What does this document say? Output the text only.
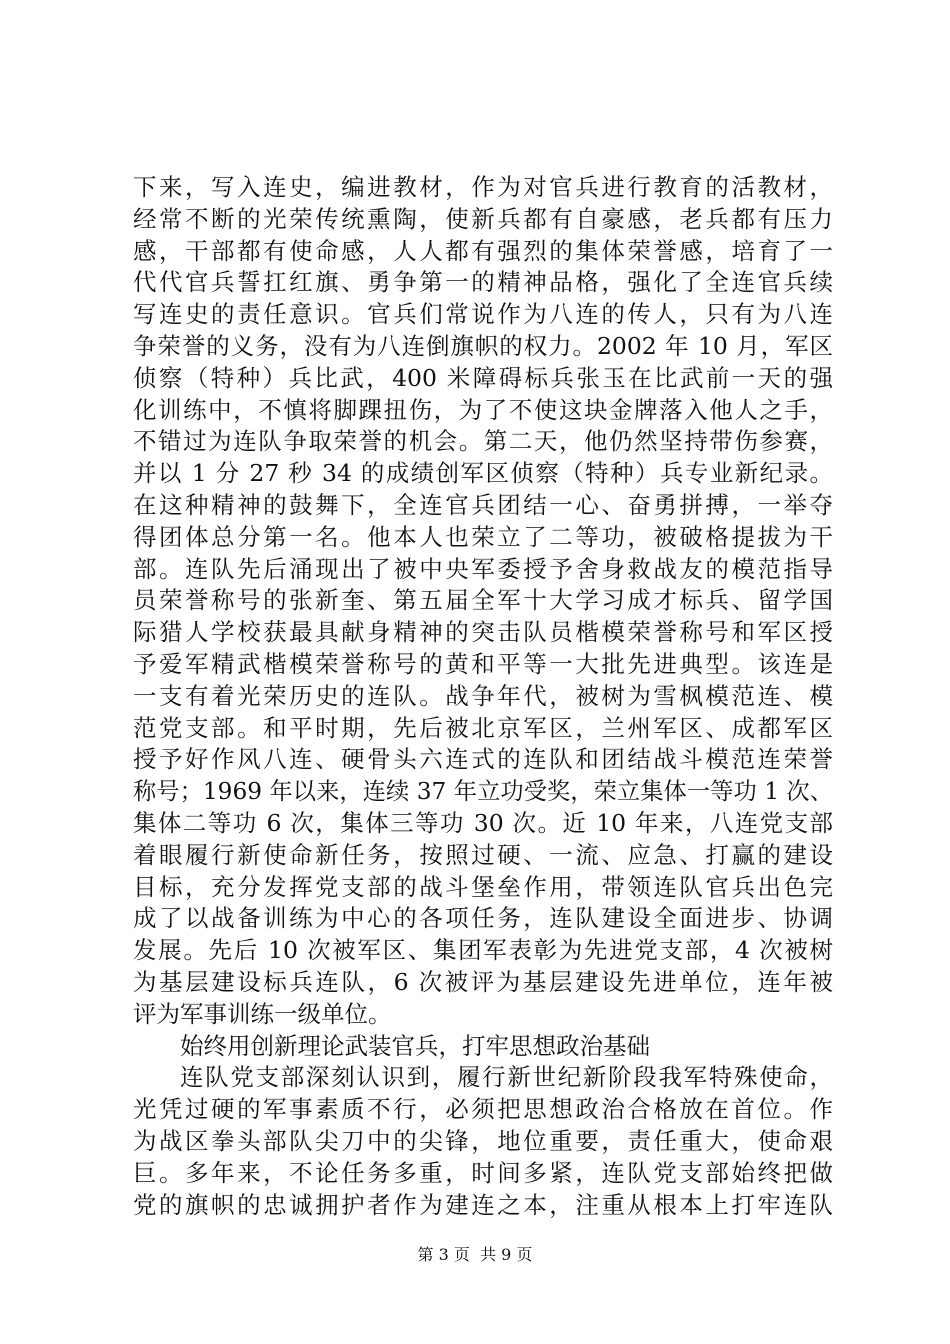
下来，写入连史，编进教材，作为对官兵进行教育的活教材，
经常不断的光荣传统熏陶，使新兵都有自豪感，老兵都有压力
感，干部都有使命感，人人都有强烈的集体荣誉感，培育了一
代代官兵誓扛红旗、勇争第一的精神品格，强化了全连官兵续
写连史的责任意识。官兵们常说作为八连的传人，只有为八连
争荣誉的义务，没有为八连倒旗帜的权力。2002 年 10 月，军区
侦察（特种）兵比武，400 米障碍标兵张玉在比武前一天的强
化训练中，不慎将脚踝扭伤，为了不使这块金牌落入他人之手，
不错过为连队争取荣誉的机会。第二天，他仍然坚持带伤参赛，
并以 1 分 27 秒 34 的成绩创军区侦察（特种）兵专业新纪录。
在这种精神的鼓舞下，全连官兵团结一心、奋勇拼搏，一举夺
得团体总分第一名。他本人也荣立了二等功，被破格提拔为干
部。连队先后涌现出了被中央军委授予舍身救战友的模范指导
员荣誉称号的张新奎、第五届全军十大学习成才标兵、留学国
际猎人学校获最具献身精神的突击队员楷模荣誉称号和军区授
予爱军精武楷模荣誉称号的黄和平等一大批先进典型。该连是
一支有着光荣历史的连队。战争年代，被树为雪枫模范连、模
范党支部。和平时期，先后被北京军区，兰州军区、成都军区
授予好作风八连、硬骨头六连式的连队和团结战斗模范连荣誉
称号；1969 年以来，连续 37 年立功受奖，荣立集体一等功 1 次、
集体二等功 6 次，集体三等功 30 次。近 10 年来，八连党支部
着眼履行新使命新任务，按照过硬、一流、应急、打赢的建设
目标，充分发挥党支部的战斗堡垒作用，带领连队官兵出色完
成了以战备训练为中心的各项任务，连队建设全面进步、协调
发展。先后 10 次被军区、集团军表彰为先进党支部，4 次被树
为基层建设标兵连队，6 次被评为基层建设先进单位，连年被
评为军事训练一级单位。
始终用创新理论武装官兵，打牢思想政治基础
连队党支部深刻认识到，履行新世纪新阶段我军特殊使命，
光凭过硬的军事素质不行，必须把思想政治合格放在首位。作
为战区拳头部队尖刀中的尖锋，地位重要，责任重大，使命艰
巨。多年来，不论任务多重，时间多紧，连队党支部始终把做
党的旗帜的忠诚拥护者作为建连之本，注重从根本上打牢连队
第 3 页  共 9 页
